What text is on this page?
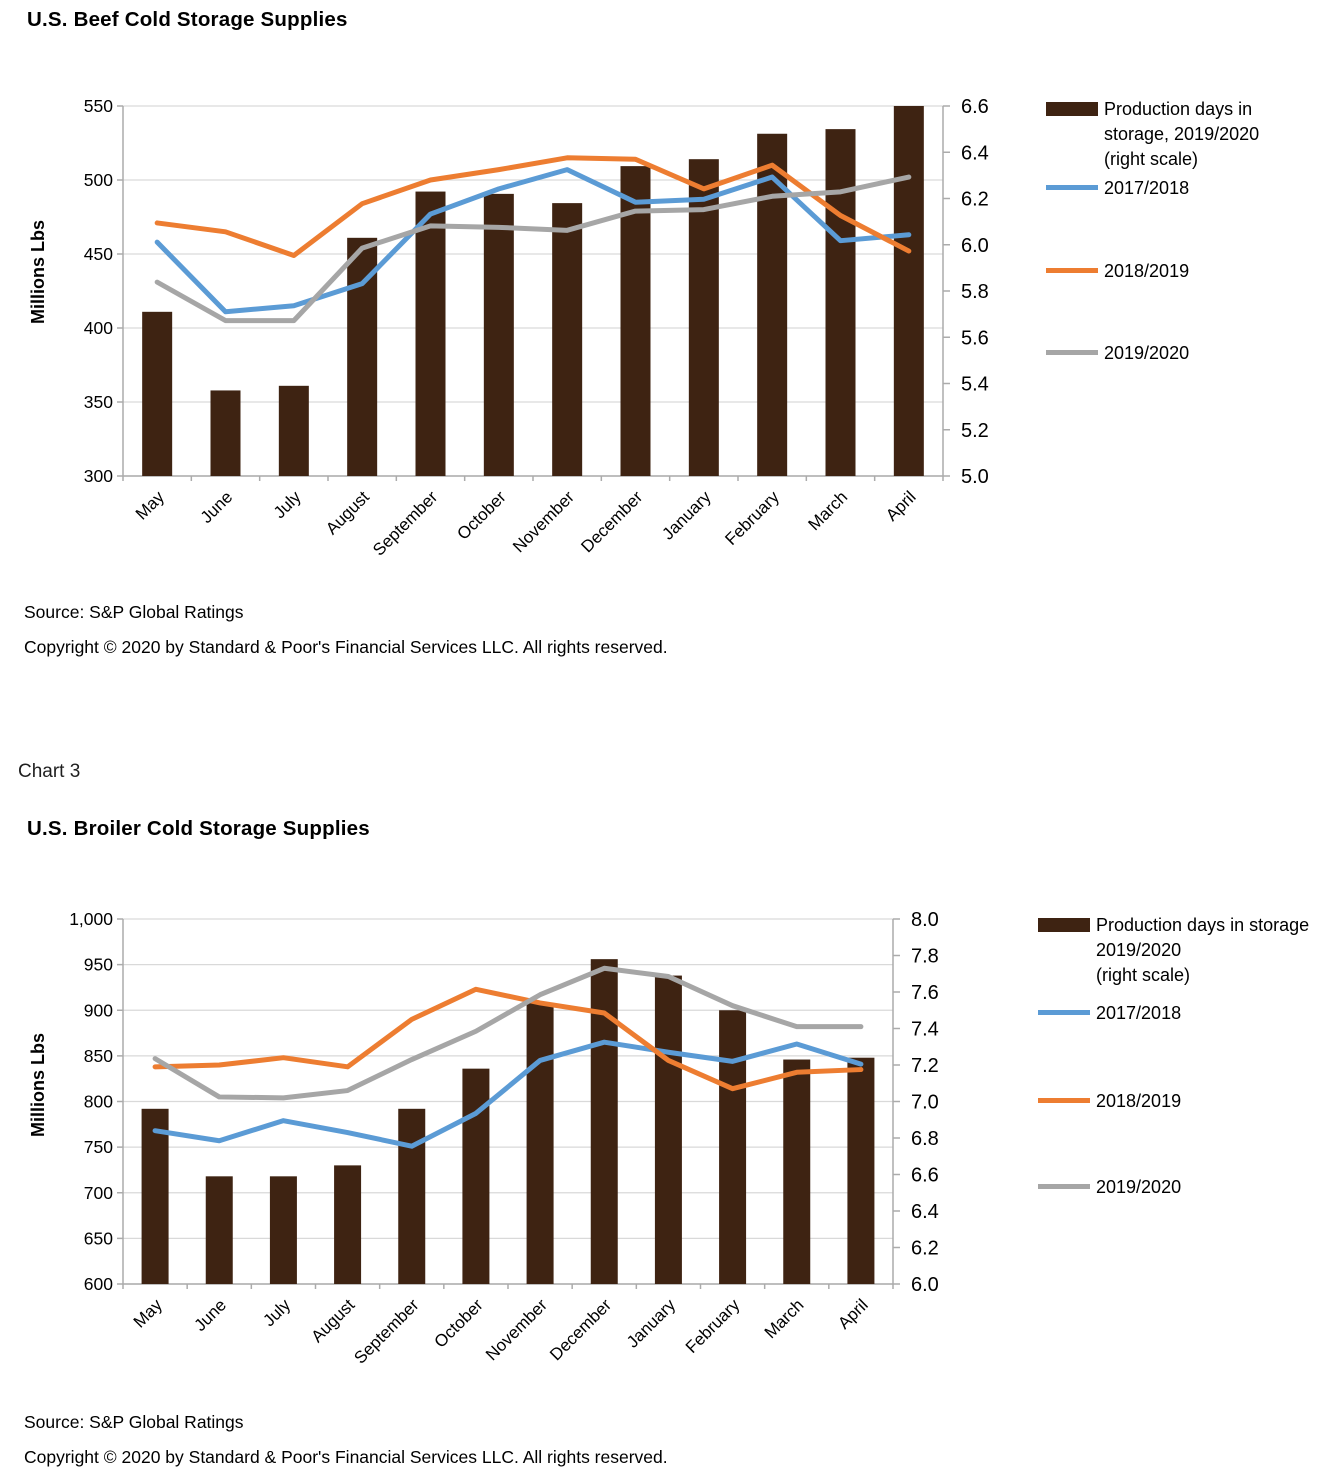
550
500
450
400
350
300
6.6
6.4
6.2
6.0
5.8
5.6
5.4
5.2
5.0
May June July August
September October November December January February March April
Millions Lbs
1,000
950
900
850
800
750
700
650
600
8.0
7.8
7.6
7.4
7.2
7.0
6.8
6.6
6.4
6.2
6.0
May June July August
September October
November
December January February March April
Millions Lbs
U.S. Beef Cold Storage Supplies
Production days in
storage, 2019/2020
(right scale)
2017/2018
2018/2019
2019/2020
Source: S&P Global Ratings
Copyright © 2020 by Standard & Poor's Financial Services LLC. All rights reserved.
Chart 3
U.S. Broiler Cold Storage Supplies
Production days in storage
2019/2020
(right scale)
2017/2018
2018/2019
2019/2020
Source: S&P Global Ratings
Copyright © 2020 by Standard & Poor's Financial Services LLC. All rights reserved.
